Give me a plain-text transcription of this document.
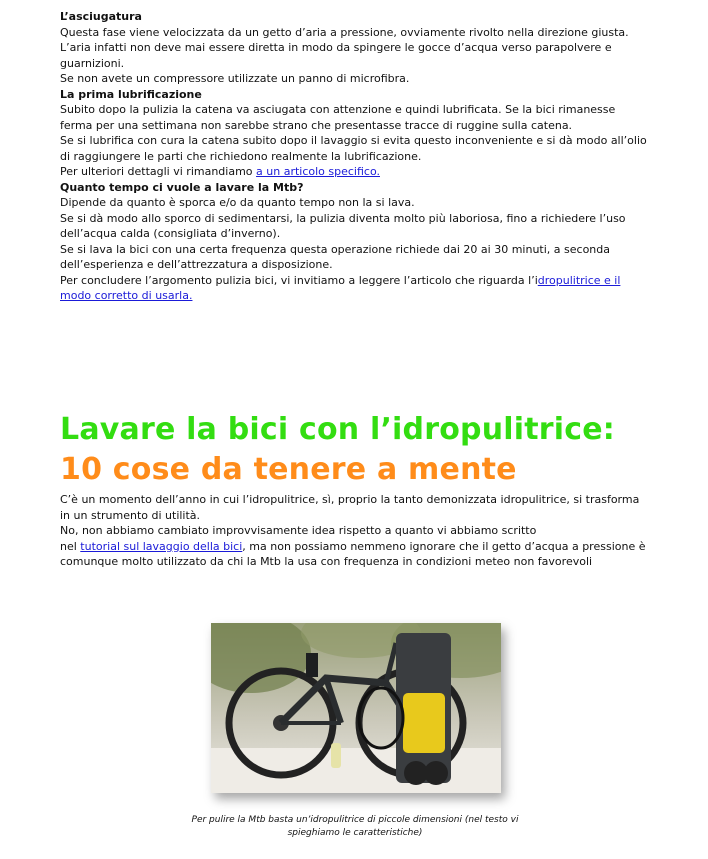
L’asciugatura

Questa fase viene velocizzata da un getto d’aria a pressione, ovviamente rivolto nella direzione giusta.

L’aria infatti non deve mai essere diretta in modo da spingere le gocce d’acqua verso parapolvere e guarnizioni.

Se non avete un compressore utilizzate un panno di microfibra.

La prima lubrificazione

Subito dopo la pulizia la catena va asciugata con attenzione e quindi lubrificata. Se la bici rimanesse ferma per una settimana non sarebbe strano che presentasse tracce di ruggine sulla catena.

Se si lubrifica con cura la catena subito dopo il lavaggio si evita questo inconveniente e si dà modo all’olio di raggiungere le parti che richiedono realmente la lubrificazione.

Per ulteriori dettagli vi rimandiamo a un articolo specifico.

Quanto tempo ci vuole a lavare la Mtb?

Dipende da quanto è sporca e/o da quanto tempo non la si lava.

Se si dà modo allo sporco di sedimentarsi, la pulizia diventa molto più laboriosa, fino a richiedere l’uso dell’acqua calda (consigliata d’inverno).

Se si lava la bici con una certa frequenza questa operazione richiede dai 20 ai 30 minuti, a seconda dell’esperienza e dell’attrezzatura a disposizione.

Per concludere l’argomento pulizia bici, vi invitiamo a leggere l’articolo che riguarda l’idropulitrice e il modo corretto di usarla.

Lavare la bici con l’idropulitrice:
10 cose da tenere a mente

C’è un momento dell’anno in cui l’idropulitrice, sì, proprio la tanto demonizzata idropulitrice, si trasforma in un strumento di utilità.

No, non abbiamo cambiato improvvisamente idea rispetto a quanto vi abbiamo scritto

nel tutorial sul lavaggio della bici, ma non possiamo nemmeno ignorare che il getto d’acqua a pressione è comunque molto utilizzato da chi la Mtb la usa con frequenza in condizioni meteo non favorevoli

Per pulire la Mtb basta un’idropulitrice di piccole dimensioni (nel testo vi spieghiamo le caratteristiche)
